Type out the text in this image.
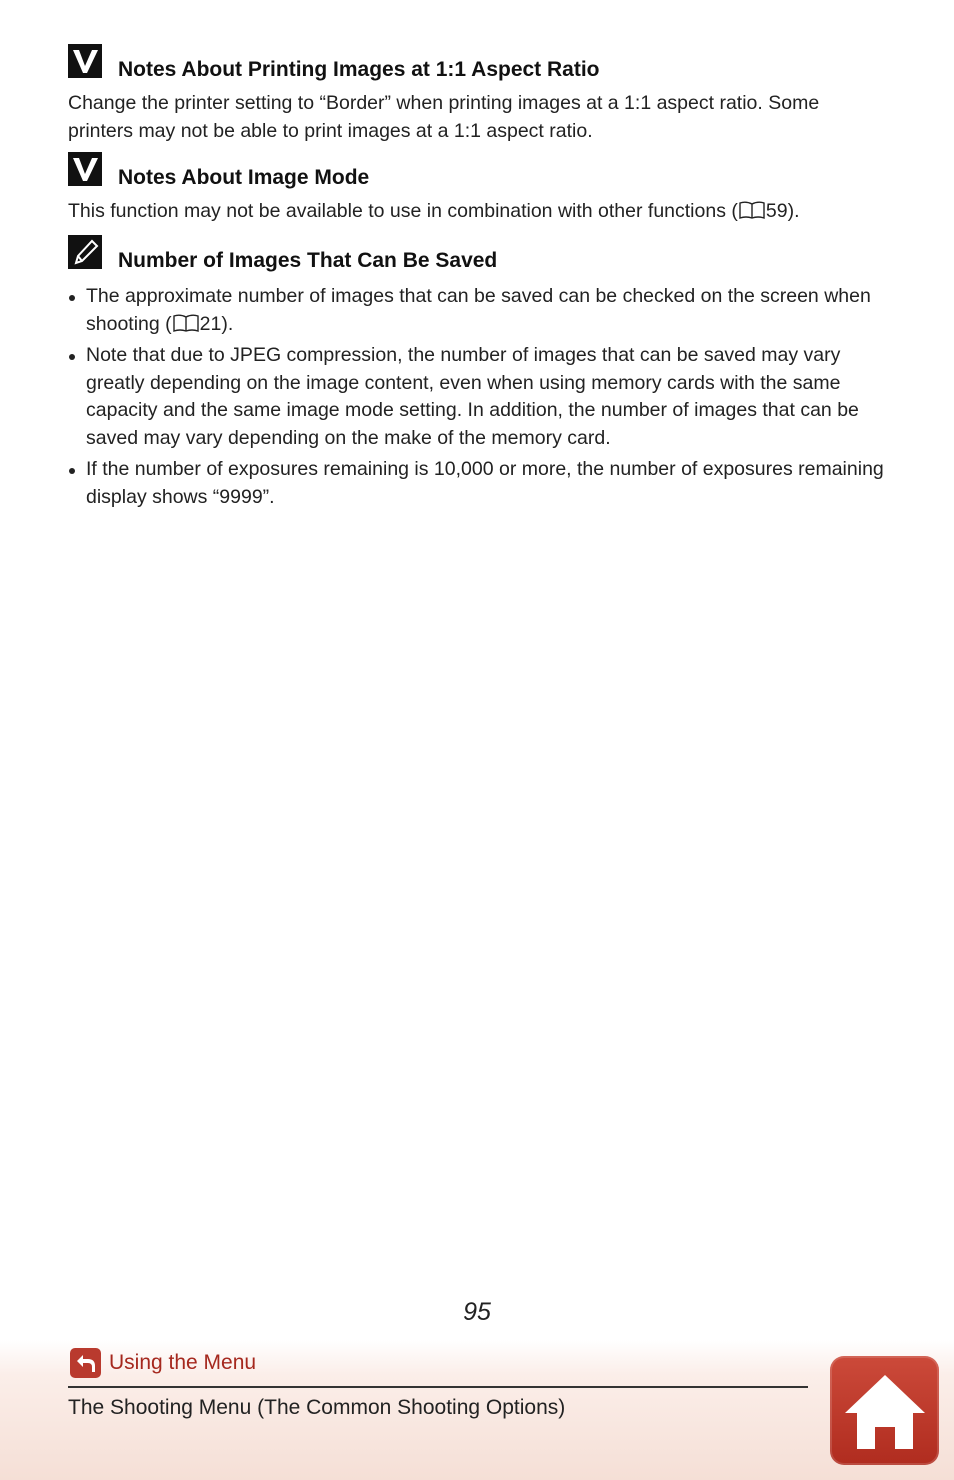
Notes About Printing Images at 1:1 Aspect Ratio

Change the printer setting to “Border” when printing images at a 1:1 aspect ratio. Some printers may not be able to print images at a 1:1 aspect ratio.

Notes About Image Mode

This function may not be available to use in combination with other functions ( 59).

Number of Images That Can Be Saved
The approximate number of images that can be saved can be checked on the screen when shooting ( 21).
Note that due to JPEG compression, the number of images that can be saved may vary greatly depending on the image content, even when using memory cards with the same capacity and the same image mode setting. In addition, the number of images that can be saved may vary depending on the make of the memory card.
If the number of exposures remaining is 10,000 or more, the number of exposures remaining display shows “9999”.
95
Using the Menu
The Shooting Menu (The Common Shooting Options)
